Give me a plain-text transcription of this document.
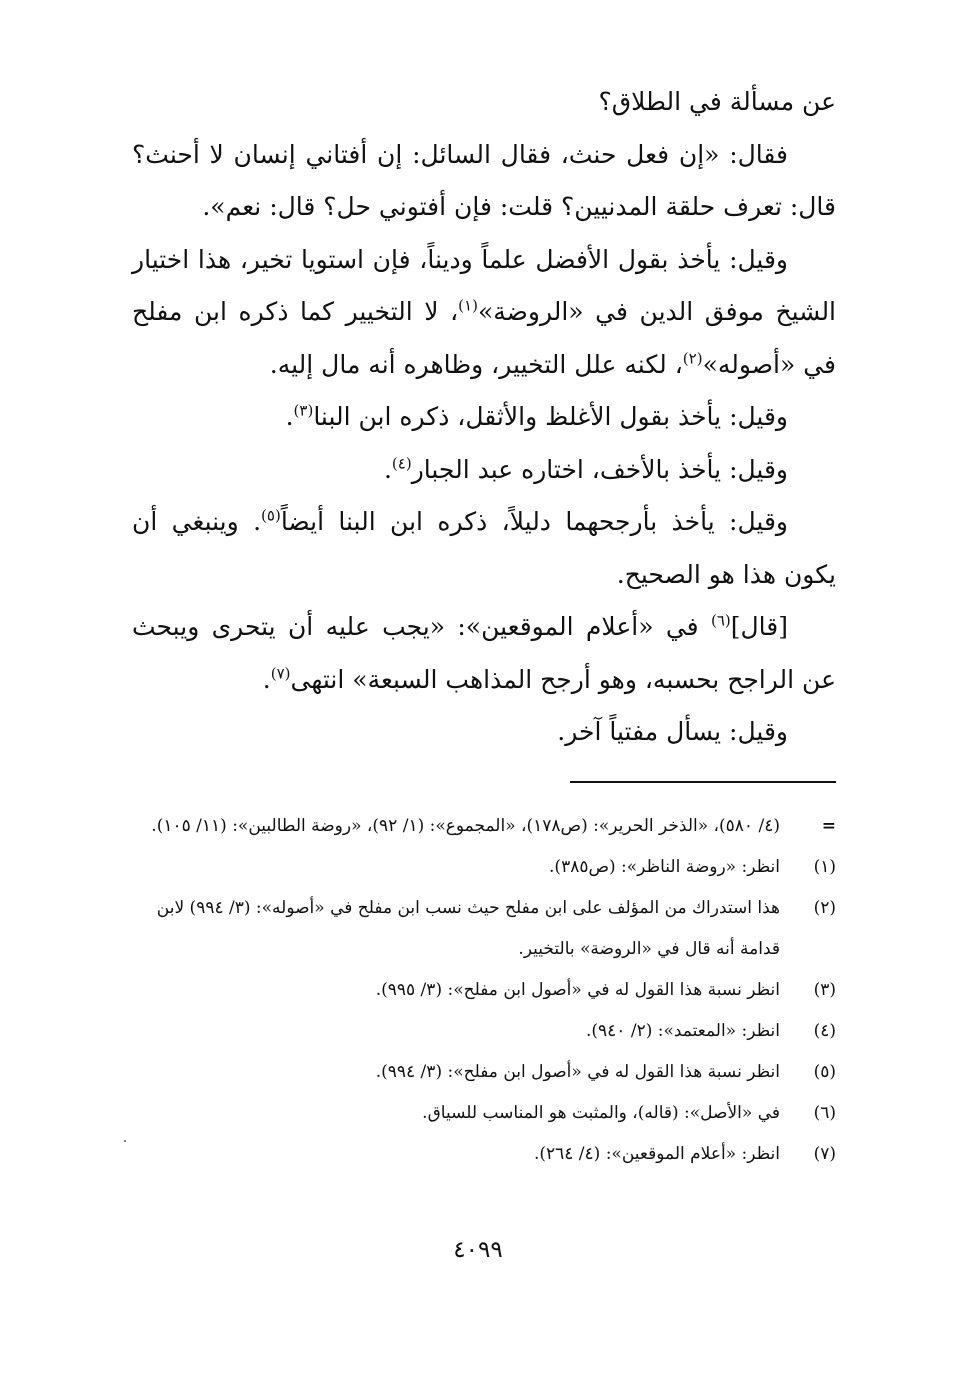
عن مسألة في الطلاق؟

فقال: «إن فعل حنث، فقال السائل: إن أفتاني إنسان لا أحنث؟ قال: تعرف حلقة المدنيين؟ قلت: فإن أفتوني حل؟ قال: نعم».

وقيل: يأخذ بقول الأفضل علماً وديناً، فإن استويا تخير، هذا اختيار الشيخ موفق الدين في «الروضة»$^{(١)}$، لا التخيير كما ذكره ابن مفلح في «أصوله»$^{(٢)}$، لكنه علل التخيير، وظاهره أنه مال إليه.

وقيل: يأخذ بقول الأغلظ والأثقل، ذكره ابن البنا$^{(٣)}$.

وقيل: يأخذ بالأخف، اختاره عبد الجبار$^{(٤)}$.

وقيل: يأخذ بأرجحهما دليلاً، ذكره ابن البنا أيضاً$^{(٥)}$. وينبغي أن يكون هذا هو الصحيح.

[قال]$^{(٦)}$ في «أعلام الموقعين»: «يجب عليه أن يتحرى ويبحث عن الراجح بحسبه، وهو أرجح المذاهب السبعة» انتهى$^{(٧)}$.

وقيل: يسأل مفتياً آخر.

=
(٤/ ٥٨٠)، «الذخر الحرير»: (ص١٧٨)، «المجموع»: (١/ ٩٢)، «روضة الطالبين»: (١١/ ١٠٥).
(١)
انظر: «روضة الناظر»: (ص٣٨٥).
(٢)
هذا استدراك من المؤلف على ابن مفلح حيث نسب ابن مفلح في «أصوله»: (٣/ ٩٩٤) لابن قدامة أنه قال في «الروضة» بالتخيير.
(٣)
انظر نسبة هذا القول له في «أصول ابن مفلح»: (٣/ ٩٩٥).
(٤)
انظر: «المعتمد»: (٢/ ٩٤٠).
(٥)
انظر نسبة هذا القول له في «أصول ابن مفلح»: (٣/ ٩٩٤).
(٦)
في «الأصل»: (قاله)، والمثبت هو المناسب للسياق.
(٧)
انظر: «أعلام الموقعين»: (٤/ ٢٦٤).
٤٠٩٩
